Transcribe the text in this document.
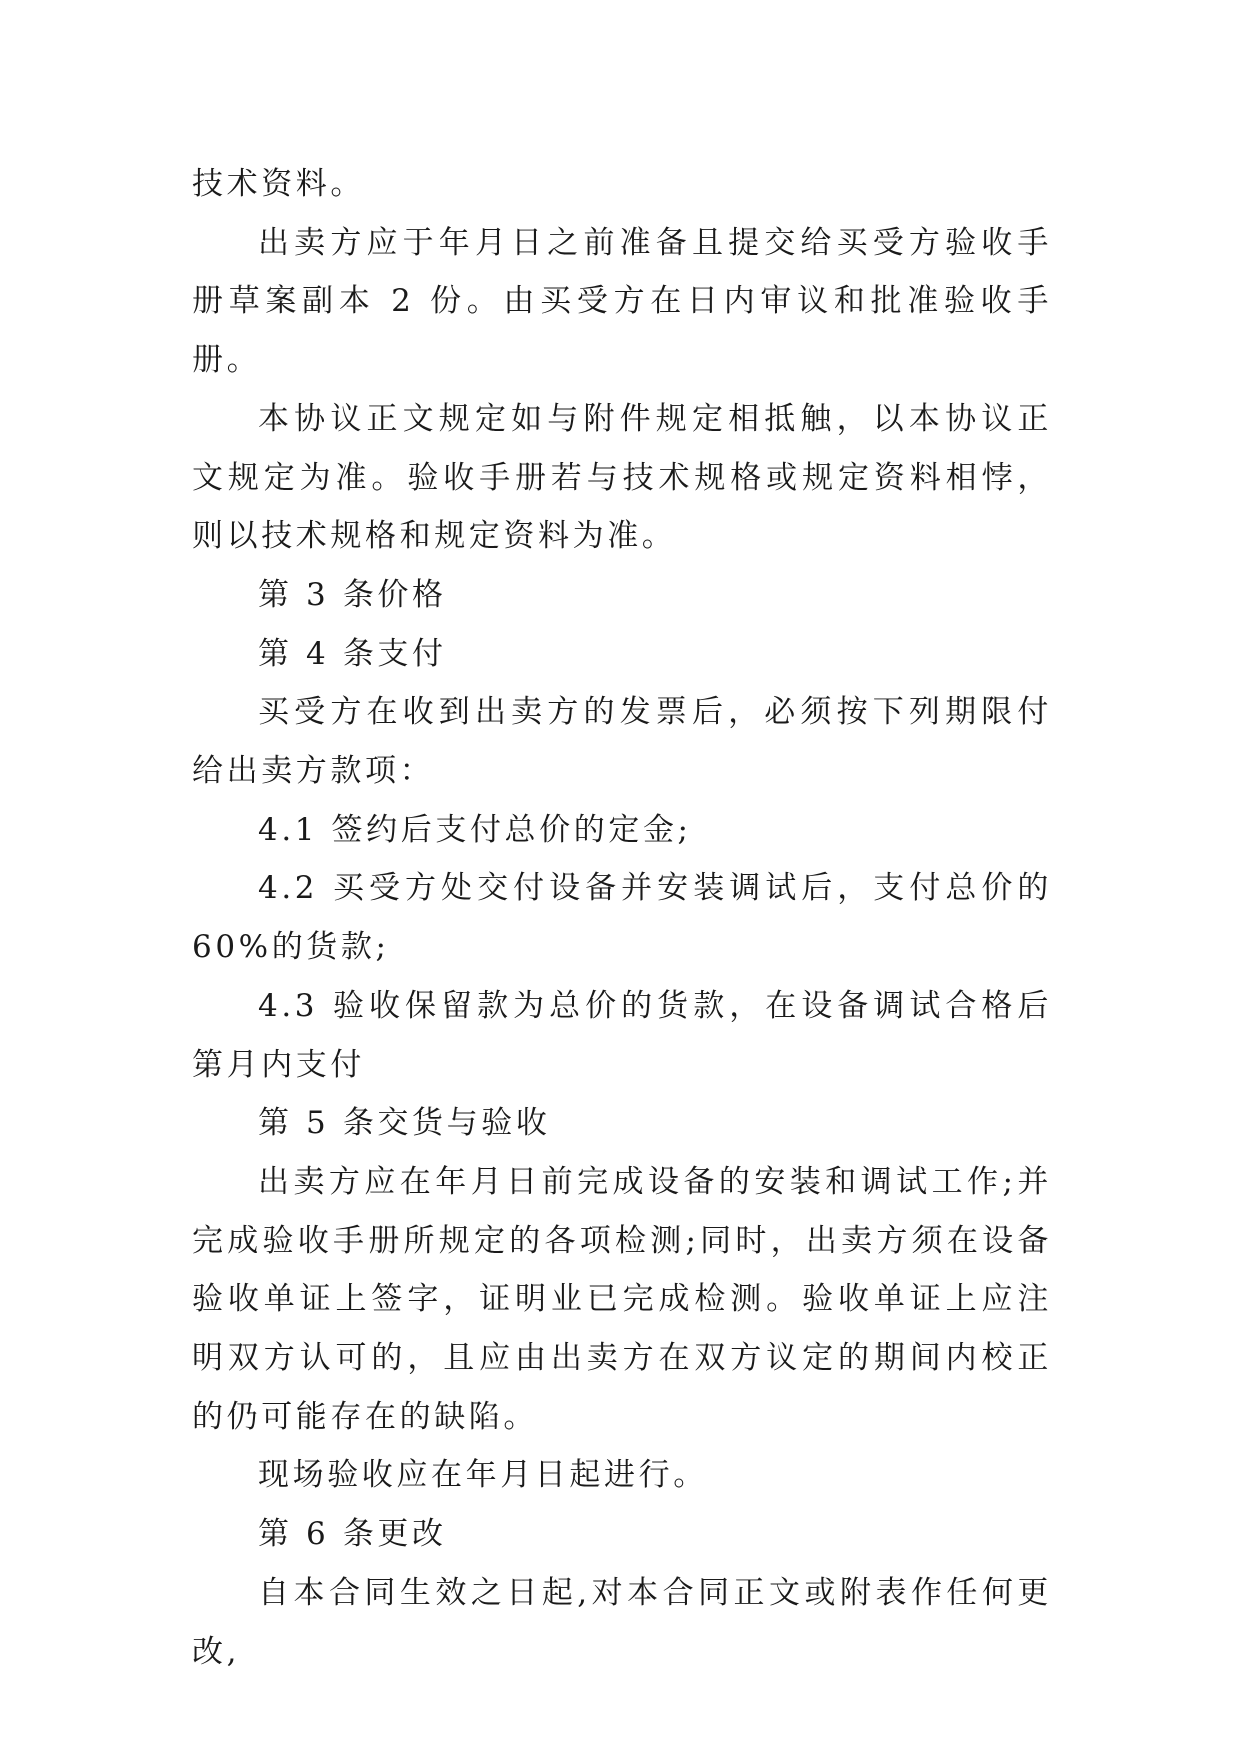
技术资料。

出卖方应于年月日之前准备且提交给买受方验收手册草案副本 2 份。由买受方在日内审议和批准验收手册。

本协议正文规定如与附件规定相抵触，以本协议正文规定为准。验收手册若与技术规格或规定资料相悖，则以技术规格和规定资料为准。

第 3 条价格

第 4 条支付

买受方在收到出卖方的发票后，必须按下列期限付给出卖方款项：

4.1 签约后支付总价的定金;

4.2 买受方处交付设备并安装调试后，支付总价的 60%的货款;

4.3 验收保留款为总价的货款，在设备调试合格后第月内支付

第 5 条交货与验收

出卖方应在年月日前完成设备的安装和调试工作;并完成验收手册所规定的各项检测;同时，出卖方须在设备验收单证上签字，证明业已完成检测。验收单证上应注明双方认可的，且应由出卖方在双方议定的期间内校正的仍可能存在的缺陷。

现场验收应在年月日起进行。

第 6 条更改

自本合同生效之日起,对本合同正文或附表作任何更改,
